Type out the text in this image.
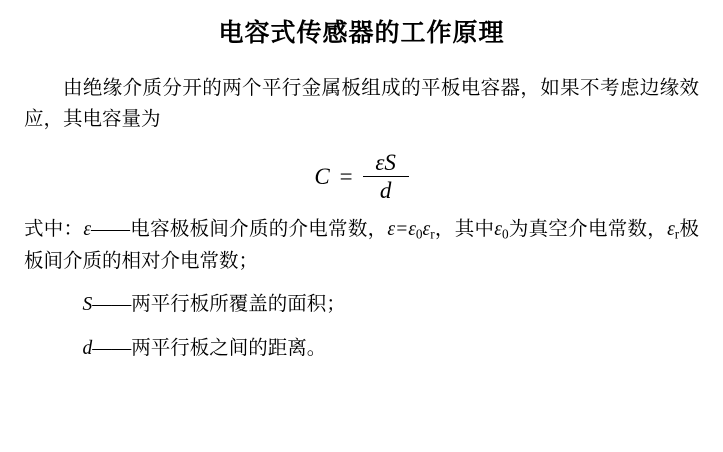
电容式传感器的工作原理

由绝缘介质分开的两个平行金属板组成的平板电容器，如果不考虑边缘效应，其电容量为

$C = \frac{\varepsilon S}{d}$

式中：ε——电容极板间介质的介电常数，$\varepsilon=\varepsilon_0\varepsilon_r$，其中$\varepsilon_0$为真空介电常数，$\varepsilon_r$极板间介质的相对介电常数；

S——两平行板所覆盖的面积；

d——两平行板之间的距离。
